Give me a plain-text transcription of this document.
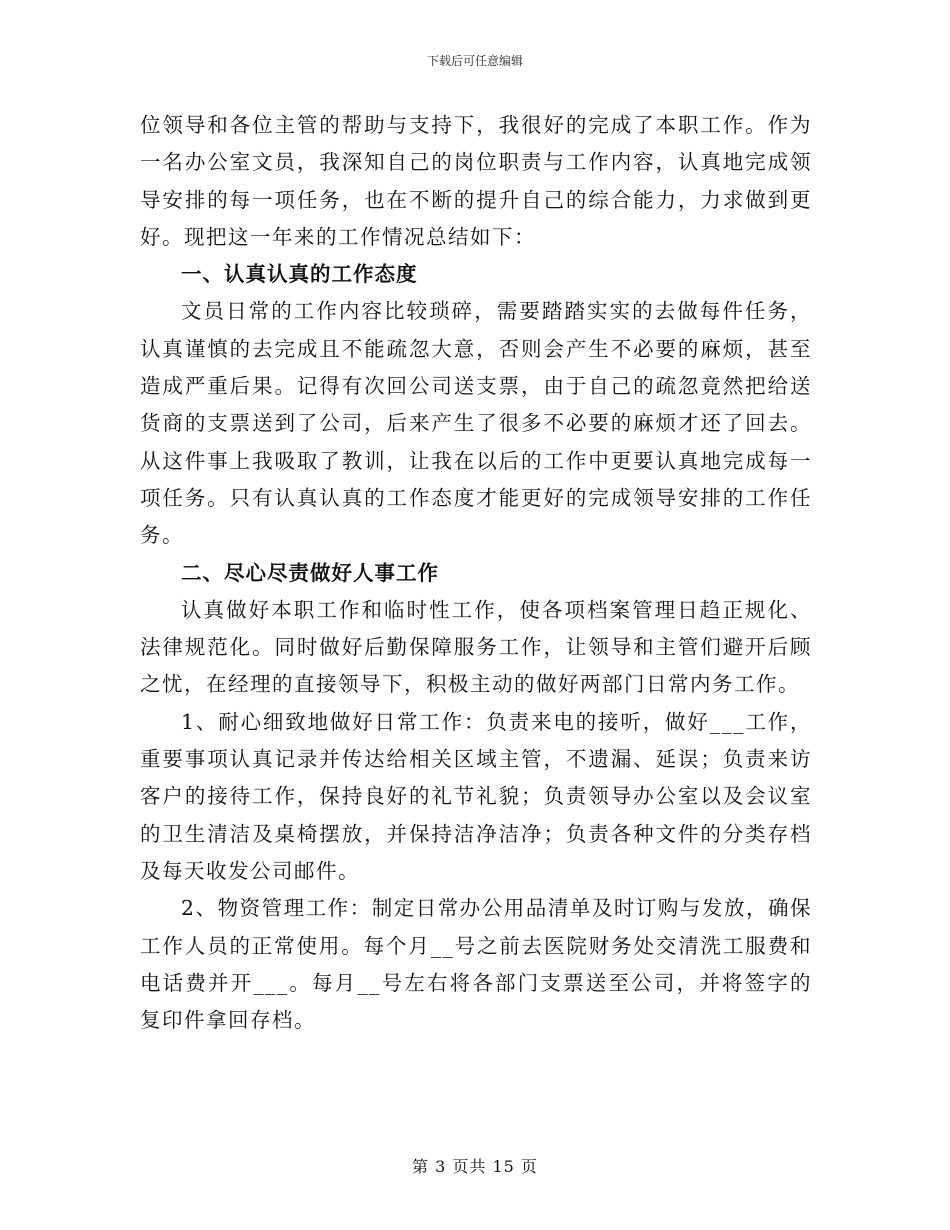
下载后可任意编辑

位领导和各位主管的帮助与支持下，我很好的完成了本职工作。作为一名办公室文员，我深知自己的岗位职责与工作内容，认真地完成领导安排的每一项任务，也在不断的提升自己的综合能力，力求做到更好。现把这一年来的工作情况总结如下：

一、认真认真的工作态度

文员日常的工作内容比较琐碎，需要踏踏实实的去做每件任务，认真谨慎的去完成且不能疏忽大意，否则会产生不必要的麻烦，甚至造成严重后果。记得有次回公司送支票，由于自己的疏忽竟然把给送货商的支票送到了公司，后来产生了很多不必要的麻烦才还了回去。从这件事上我吸取了教训，让我在以后的工作中更要认真地完成每一项任务。只有认真认真的工作态度才能更好的完成领导安排的工作任务。

二、尽心尽责做好人事工作

认真做好本职工作和临时性工作，使各项档案管理日趋正规化、法律规范化。同时做好后勤保障服务工作，让领导和主管们避开后顾之忧，在经理的直接领导下，积极主动的做好两部门日常内务工作。

1、耐心细致地做好日常工作：负责来电的接听，做好___工作，重要事项认真记录并传达给相关区域主管，不遗漏、延误；负责来访客户的接待工作，保持良好的礼节礼貌；负责领导办公室以及会议室的卫生清洁及桌椅摆放，并保持洁净洁净；负责各种文件的分类存档及每天收发公司邮件。

2、物资管理工作：制定日常办公用品清单及时订购与发放，确保工作人员的正常使用。每个月__号之前去医院财务处交清洗工服费和电话费并开___。每月__号左右将各部门支票送至公司，并将签字的复印件拿回存档。

第 3 页共 15 页
